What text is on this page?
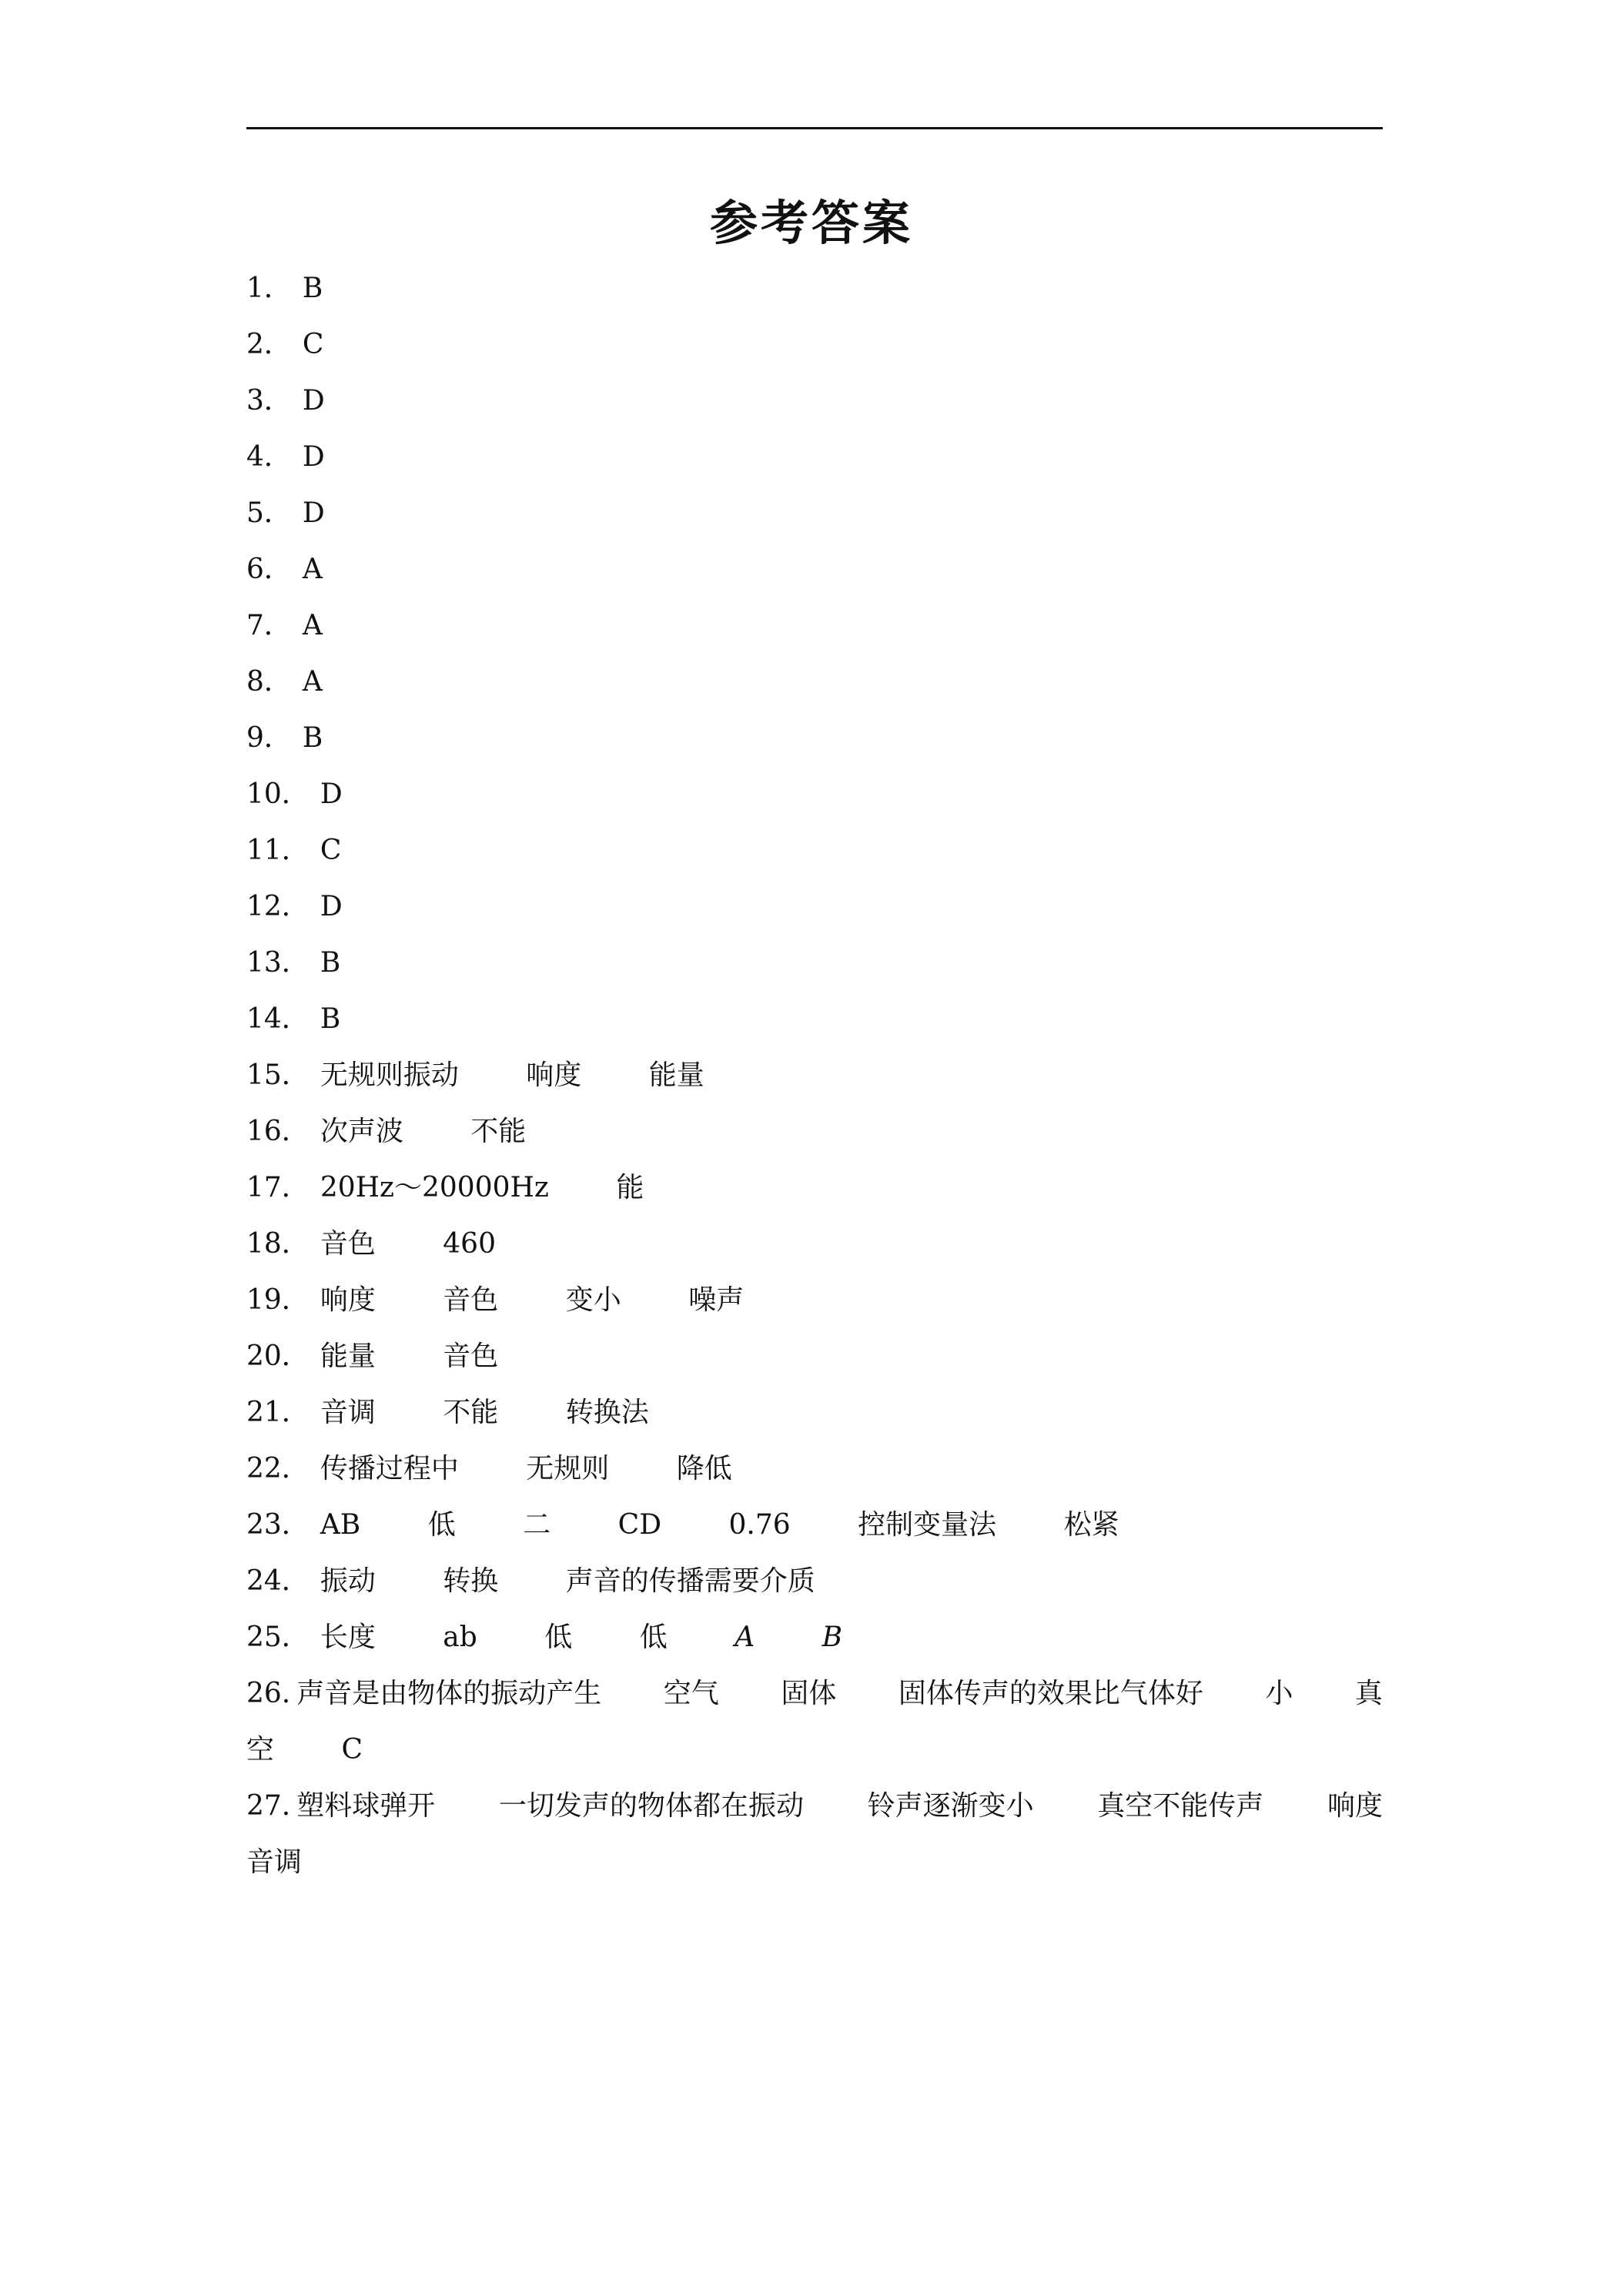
参考答案
1． B
2． C
3． D
4． D
5． D
6． A
7． A
8． A
9． B
10． D
11． C
12． D
13． B
14． B
15． 无规则振动 响度 能量
16． 次声波 不能
17． 20Hz～20000Hz 能
18． 音色 460
19． 响度 音色 变小 噪声
20． 能量 音色
21． 音调 不能 转换法
22． 传播过程中 无规则 降低
23． AB 低 二 CD 0.76 控制变量法 松紧
24． 振动 转换 声音的传播需要介质
25． 长度 ab 低 低 A B
26. 声音是由物体的振动产生 空气 固体 固体传声的效果比气体好 小 真
空 C
27. 塑料球弹开 一切发声的物体都在振动 铃声逐渐变小 真空不能传声 响度
音调
